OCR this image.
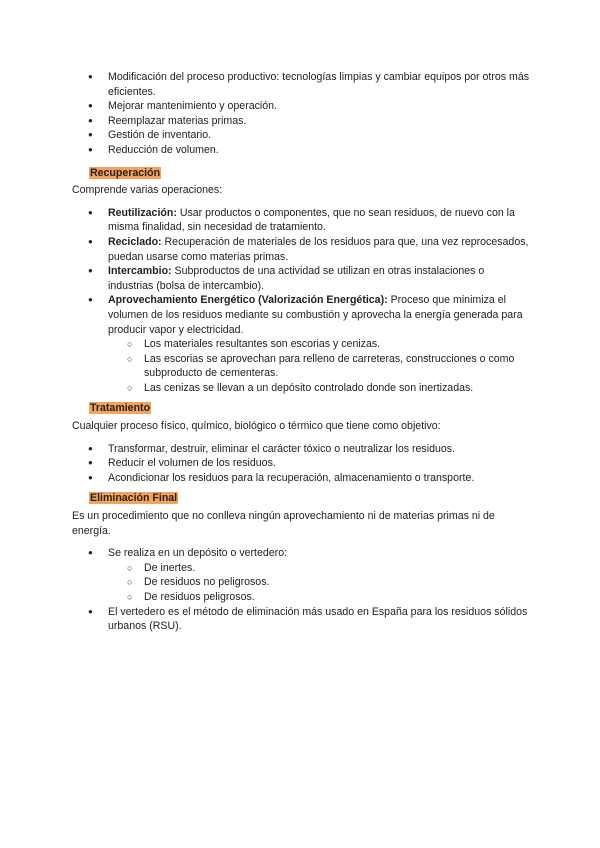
● Modificación del proceso productivo: tecnologías limpias y cambiar equipos por otros más eficientes.
● Mejorar mantenimiento y operación.
● Reemplazar materias primas.
● Gestión de inventario.
● Reducción de volumen.
Recuperación

Comprende varias operaciones:

● Reutilización: Usar productos o componentes, que no sean residuos, de nuevo con la misma finalidad, sin necesidad de tratamiento.
● Reciclado: Recuperación de materiales de los residuos para que, una vez reprocesados, puedan usarse como materias primas.
● Intercambio: Subproductos de una actividad se utilizan en otras instalaciones o industrias (bolsa de intercambio).
● Aprovechamiento Energético (Valorización Energética): Proceso que minimiza el volumen de los residuos mediante su combustión y aprovecha la energía generada para producir vapor y electricidad.
○ Los materiales resultantes son escorias y cenizas.
○ Las escorias se aprovechan para relleno de carreteras, construcciones o como subproducto de cementeras.
○ Las cenizas se llevan a un depósito controlado donde son inertizadas.
Tratamiento

Cualquier proceso físico, químico, biológico o térmico que tiene como objetivo:

● Transformar, destruir, eliminar el carácter tóxico o neutralizar los residuos.
● Reducir el volumen de los residuos.
● Acondicionar los residuos para la recuperación, almacenamiento o transporte.
Eliminación Final

Es un procedimiento que no conlleva ningún aprovechamiento ni de materias primas ni de energía.

● Se realiza en un depósito o vertedero:
○ De inertes.
○ De residuos no peligrosos.
○ De residuos peligrosos.
● El vertedero es el método de eliminación más usado en España para los residuos sólidos urbanos (RSU).
